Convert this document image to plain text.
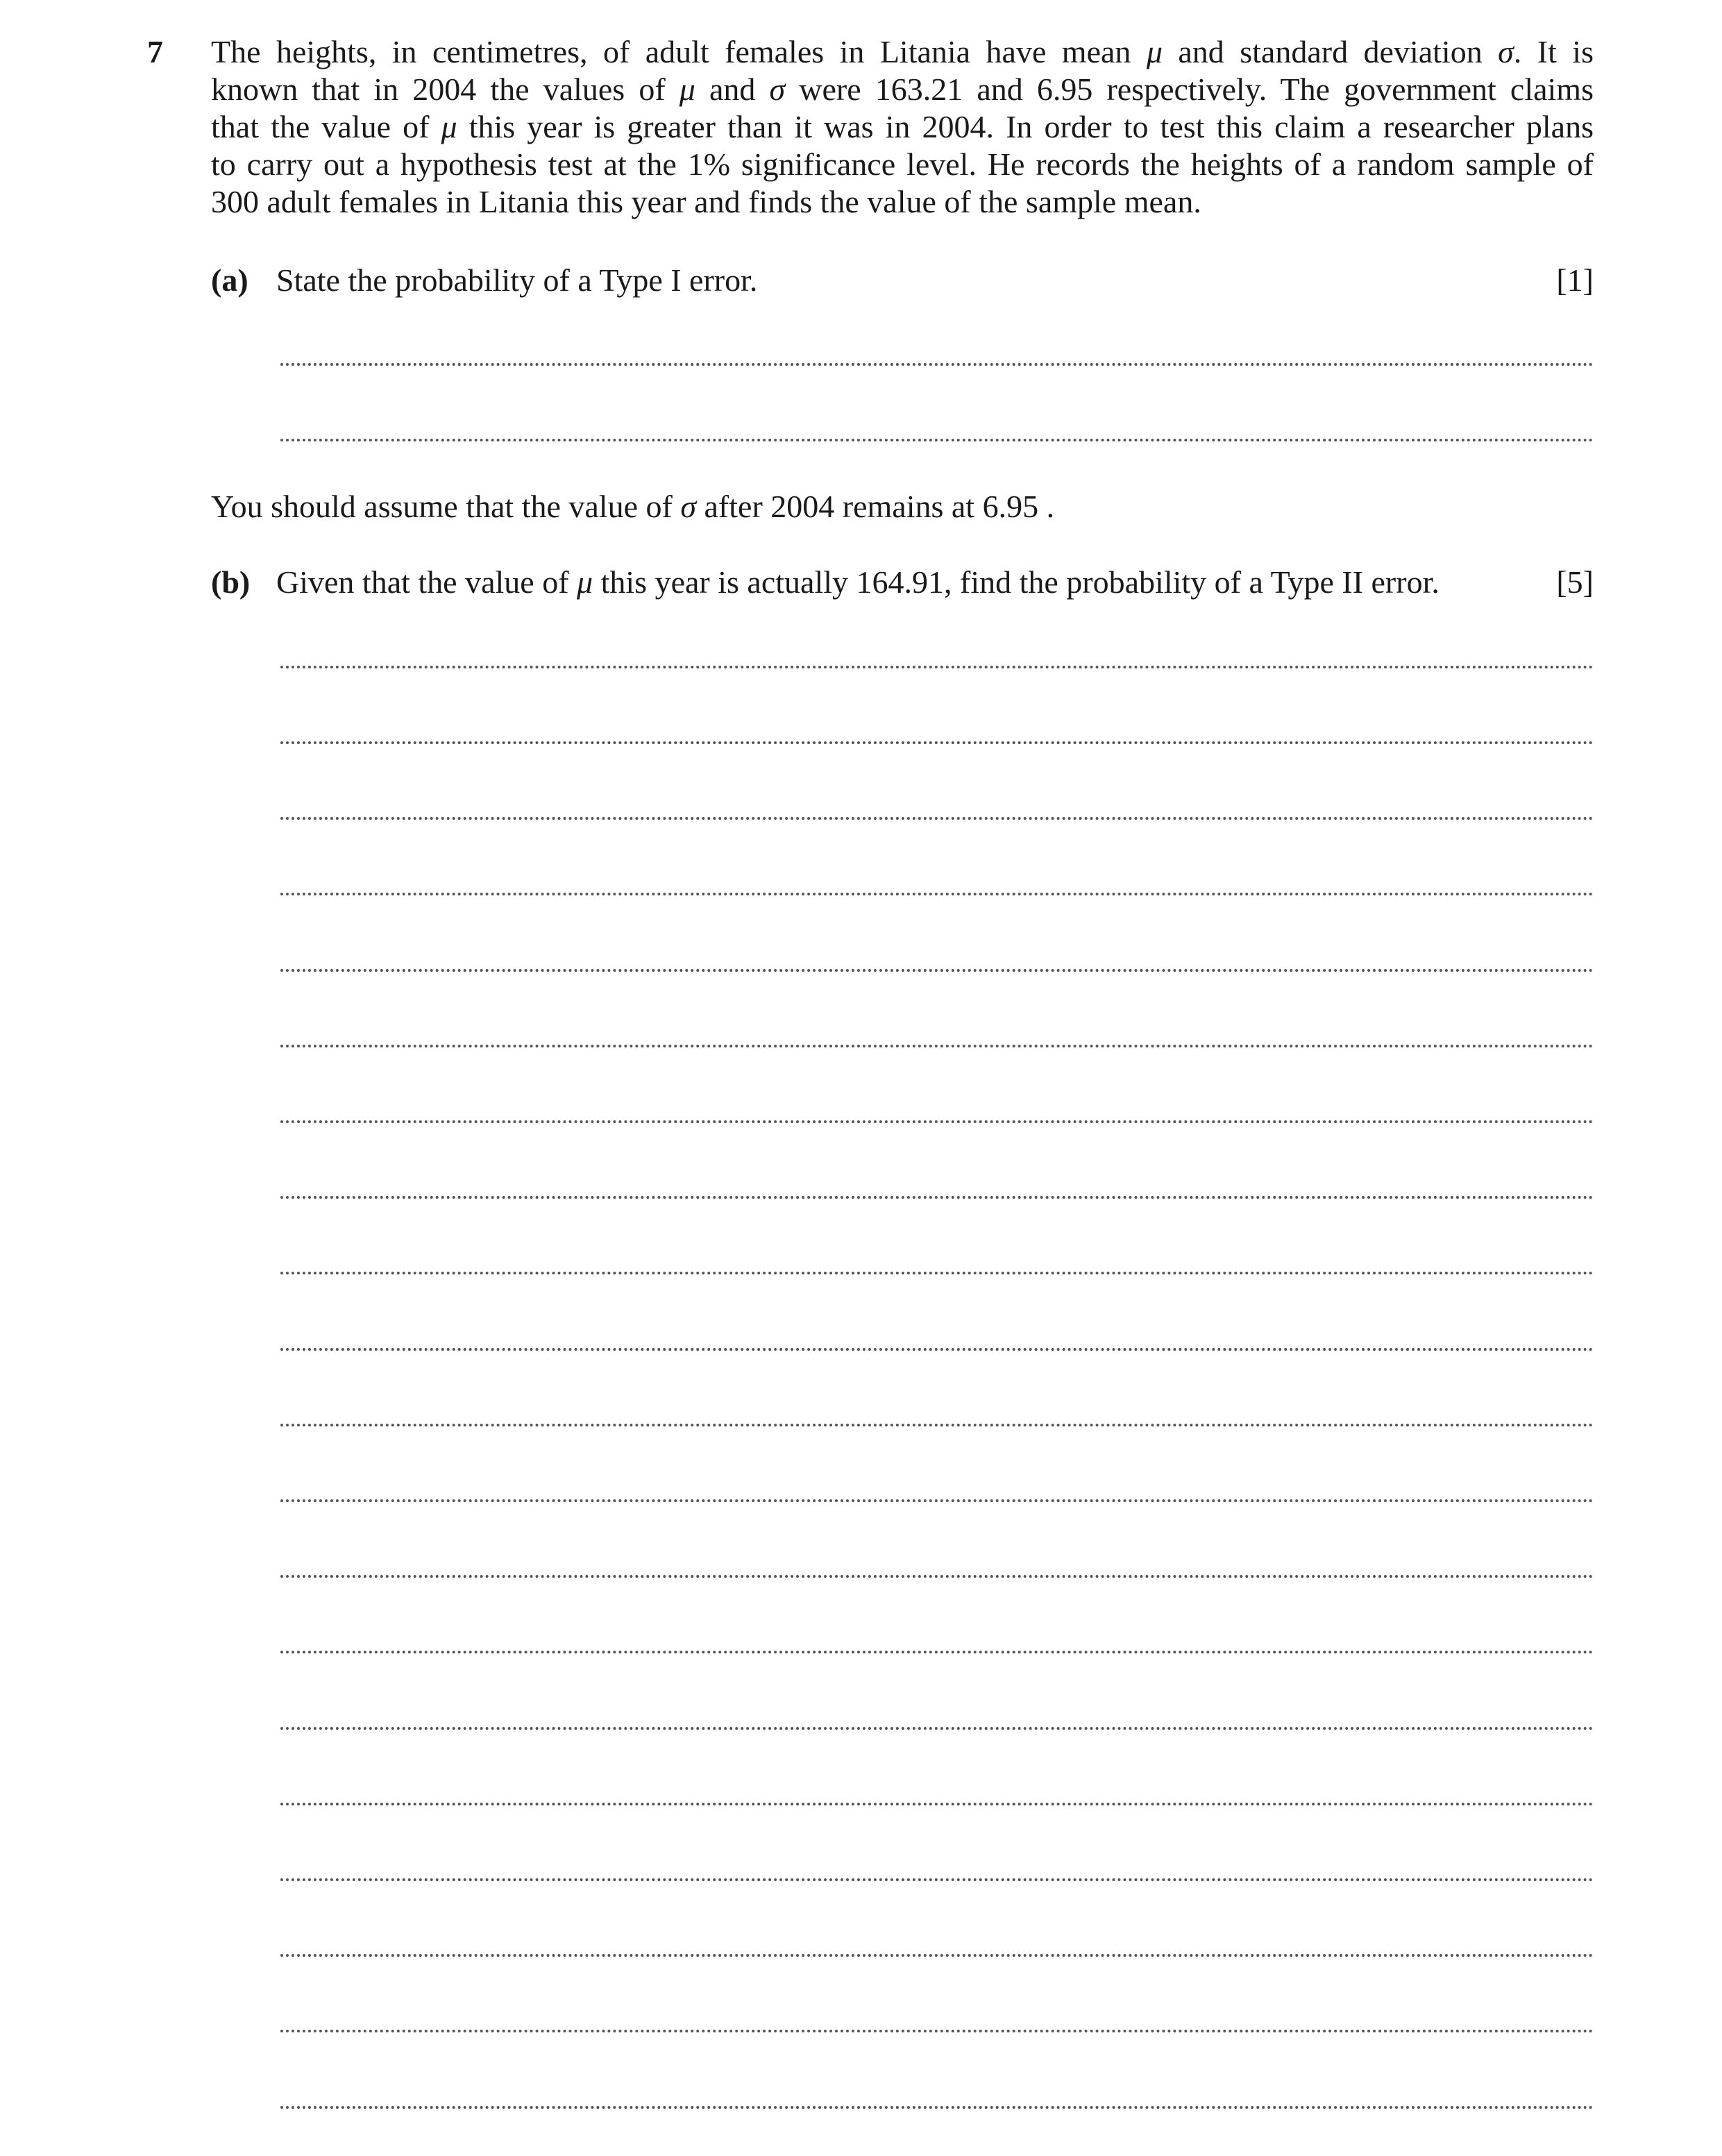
7 The heights, in centimetres, of adult females in Litania have mean μ and standard deviation σ. It is
known that in 2004 the values of μ and σ were 163.21 and 6.95 respectively. The government claims
that the value of μ this year is greater than it was in 2004. In order to test this claim a researcher plans
to carry out a hypothesis test at the 1% significance level. He records the heights of a random sample of
300 adult females in Litania this year and finds the value of the sample mean.
(a) State the probability of a Type I error.	[1]
You should assume that the value of σ after 2004 remains at 6.95 .
(b) Given that the value of μ this year is actually 164.91, find the probability of a Type II error.	[5]
